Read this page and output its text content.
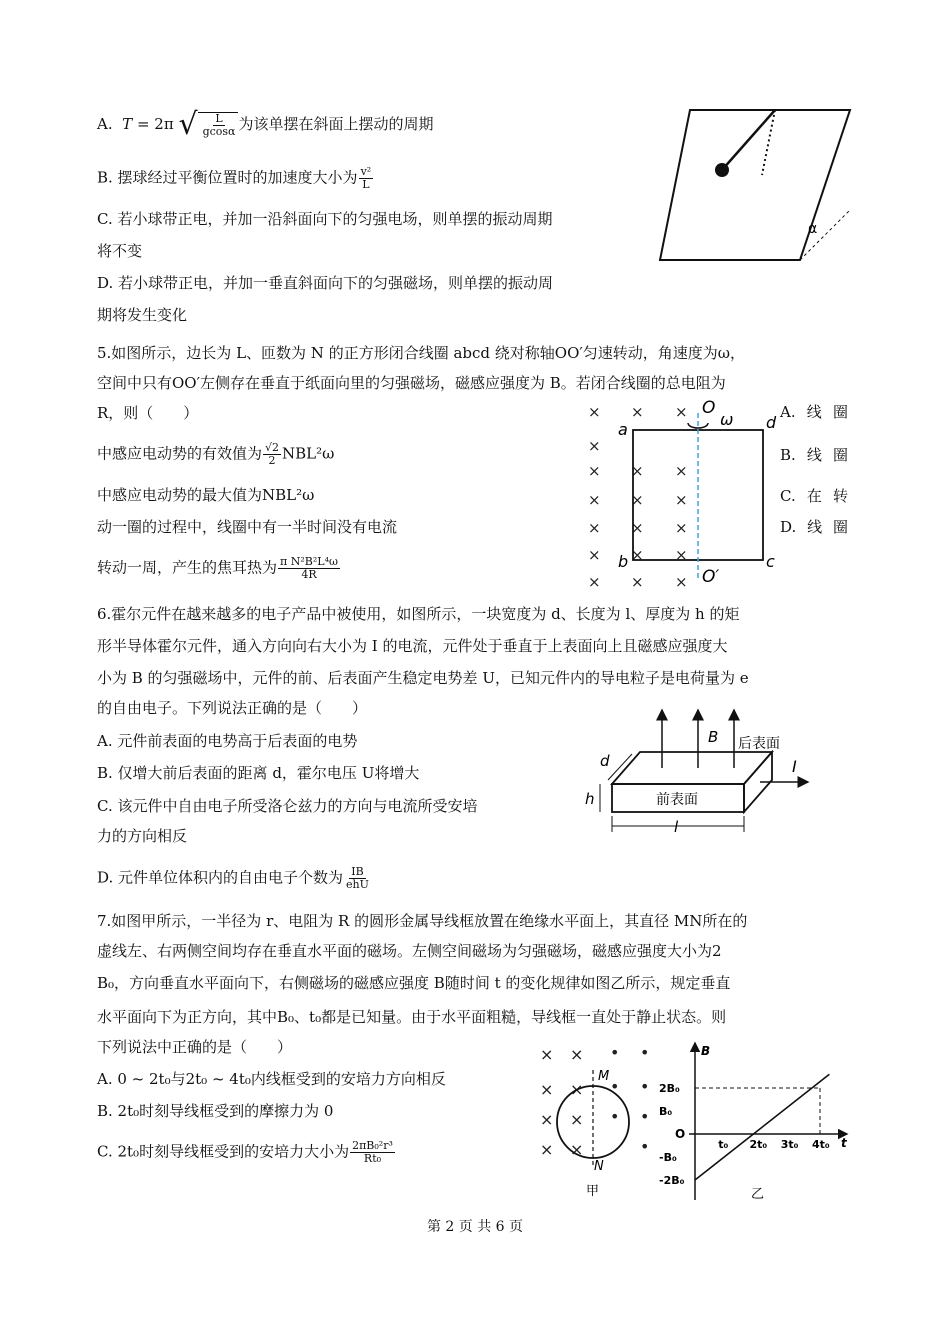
A. T = 2π √ $\frac{L}{gcos\alpha}$ 为该单摆在斜面上摆动的周期
B. 摆球经过平衡位置时的加速度大小为 $\frac{\text{v²}}{L}$
C. 若小球带正电，并加一沿斜面向下的匀强电场，则单摆的振动周期
将不变
D. 若小球带正电，并加一垂直斜面向下的匀强磁场，则单摆的振动周
期将发生变化
α
5.如图所示，边长为 L、匝数为 N 的正方形闭合线圈 abcd 绕对称轴OO′匀速转动，角速度为ω，
空间中只有OO′左侧存在垂直于纸面向里的匀强磁场，磁感应强度为 B。若闭合线圈的总电阻为
R，则（　　）
中感应电动势的有效值为 $\frac{√2}{2} NBL^2\omega$
中感应电动势的最大值为NBL²ω
动一圈的过程中，线圈中有一半时间没有电流
转动一周，产生的焦耳热为 $\frac{\text{π N²B²L⁴ω}}{4R}$
A. 线 圈
B. 线 圈
C. 在 转
D. 线 圈
× × ×
×
× × ×
× × ×
× × ×
× × ×
× × ×
O
ω
O′
a	d
b	c
6.霍尔元件在越来越多的电子产品中被使用，如图所示，一块宽度为 d、长度为 l、厚度为 h 的矩
形半导体霍尔元件，通入方向向右大小为 I 的电流，元件处于垂直于上表面向上且磁感应强度大
小为 B 的匀强磁场中，元件的前、后表面产生稳定电势差 U，已知元件内的导电粒子是电荷量为 e
的自由电子。下列说法正确的是（　　）
A. 元件前表面的电势高于后表面的电势
B. 仅增大前后表面的距离 d，霍尔电压 U将增大
C. 该元件中自由电子所受洛仑兹力的方向与电流所受安培
力的方向相反
D. 元件单位体积内的自由电子个数为 $\frac{IB}{\text{ehU}}$
B 后表面
前表面
I
d
h
l
7.如图甲所示，一半径为 r、电阻为 R 的圆形金属导线框放置在绝缘水平面上，其直径 MN所在的
虚线左、右两侧空间均存在垂直水平面的磁场。左侧空间磁场为匀强磁场，磁感应强度大小为2
B₀，方向垂直水平面向下，右侧磁场的磁感应强度 B随时间 t 的变化规律如图乙所示，规定垂直
水平面向下为正方向，其中B₀、t₀都是已知量。由于水平面粗糙，导线框一直处于静止状态。则
下列说法中正确的是（　　）
A. 0 ~ 2t₀与2t₀ ~ 4t₀内线框受到的安培力方向相反
B. 2t₀时刻导线框受到的摩擦力为 0
C. 2t₀时刻导线框受到的安培力大小为 $\frac{\text{2πB₀²r³}}{\text{Rt₀}}$
× ×
× ×
× ×
× ×
• •
• •
• •
•
M
N
甲
B
t
O
2B₀
B₀
-B₀
-2B₀
t₀ 2t₀ 3t₀ 4t₀
乙
第 2 页 共 6 页
